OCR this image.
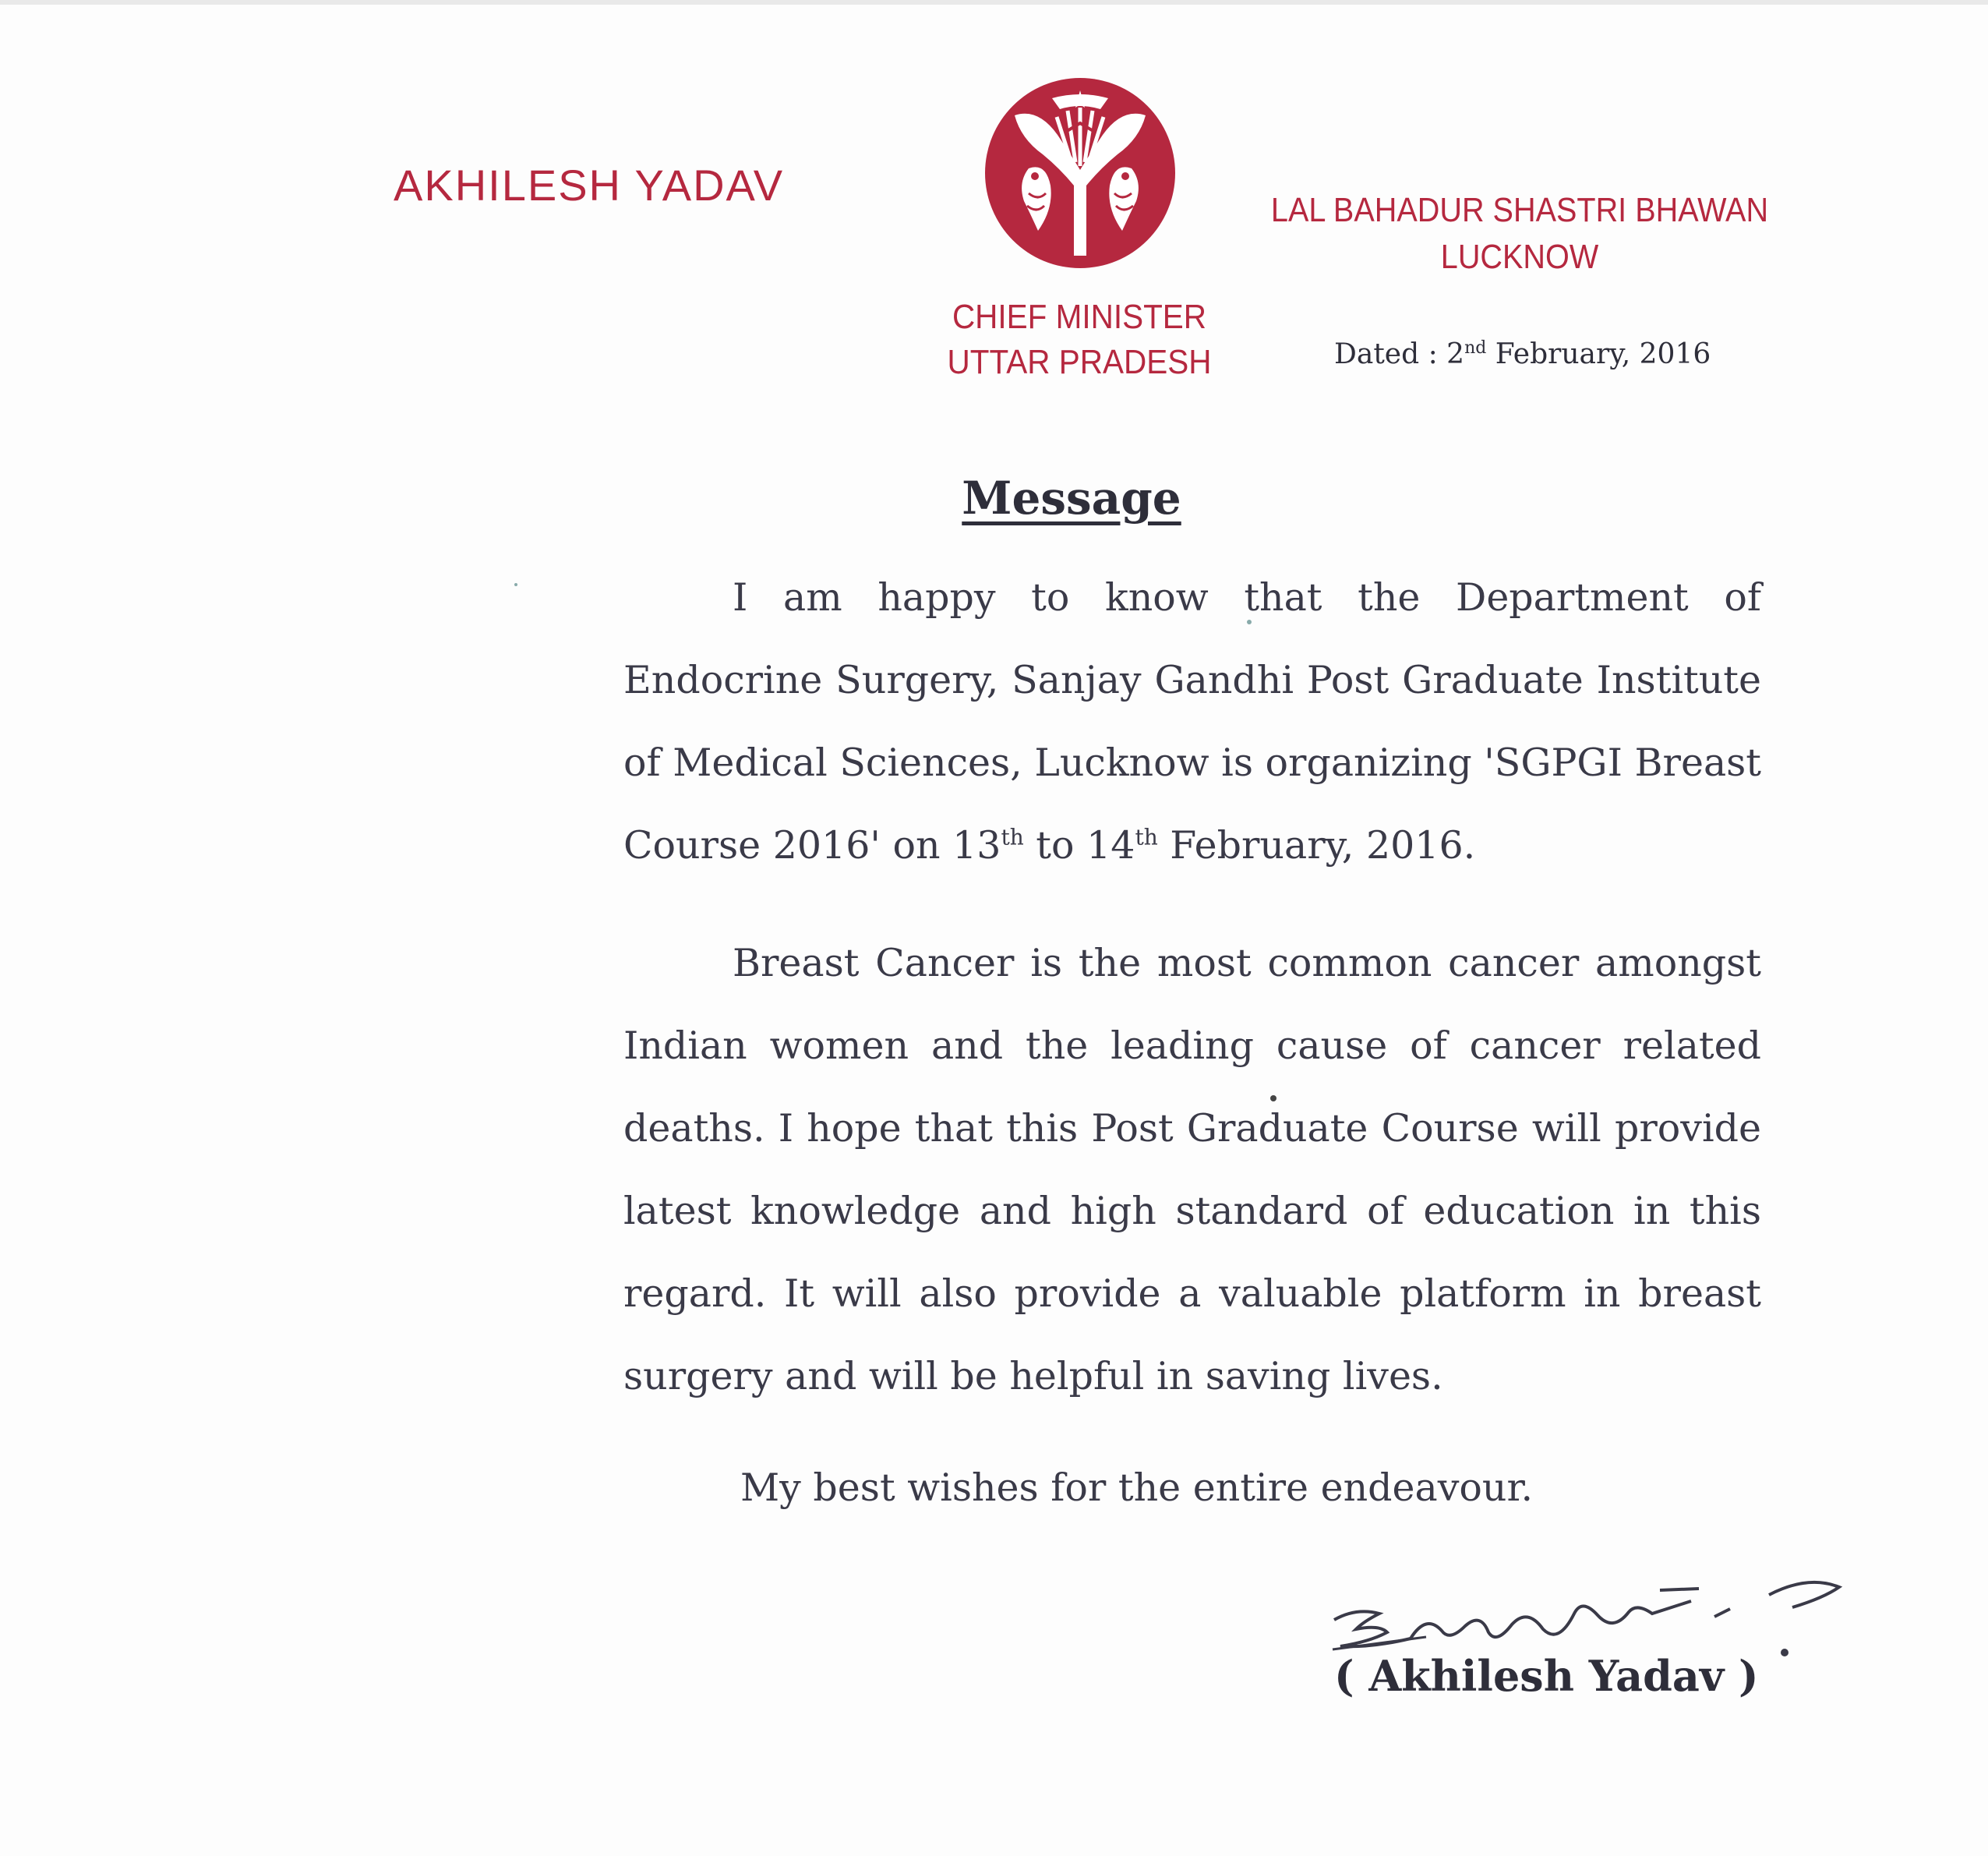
AKHILESH YADAV
CHIEF MINISTER
UTTAR PRADESH
LAL BAHADUR SHASTRI BHAWAN
LUCKNOW
Dated : 2nd February, 2016
Message
I am happy to know that the Department of Endocrine Surgery, Sanjay Gandhi Post Graduate Institute of Medical Sciences, Lucknow is organizing 'SGPGI Breast Course 2016' on 13th to 14th February, 2016.
Breast Cancer is the most common cancer amongst Indian women and the leading cause of cancer related deaths. I hope that this Post Graduate Course will provide latest knowledge and high standard of education in this regard. It will also provide a valuable platform in breast surgery and will be helpful in saving lives.
My best wishes for the entire endeavour.
( Akhilesh Yadav )
